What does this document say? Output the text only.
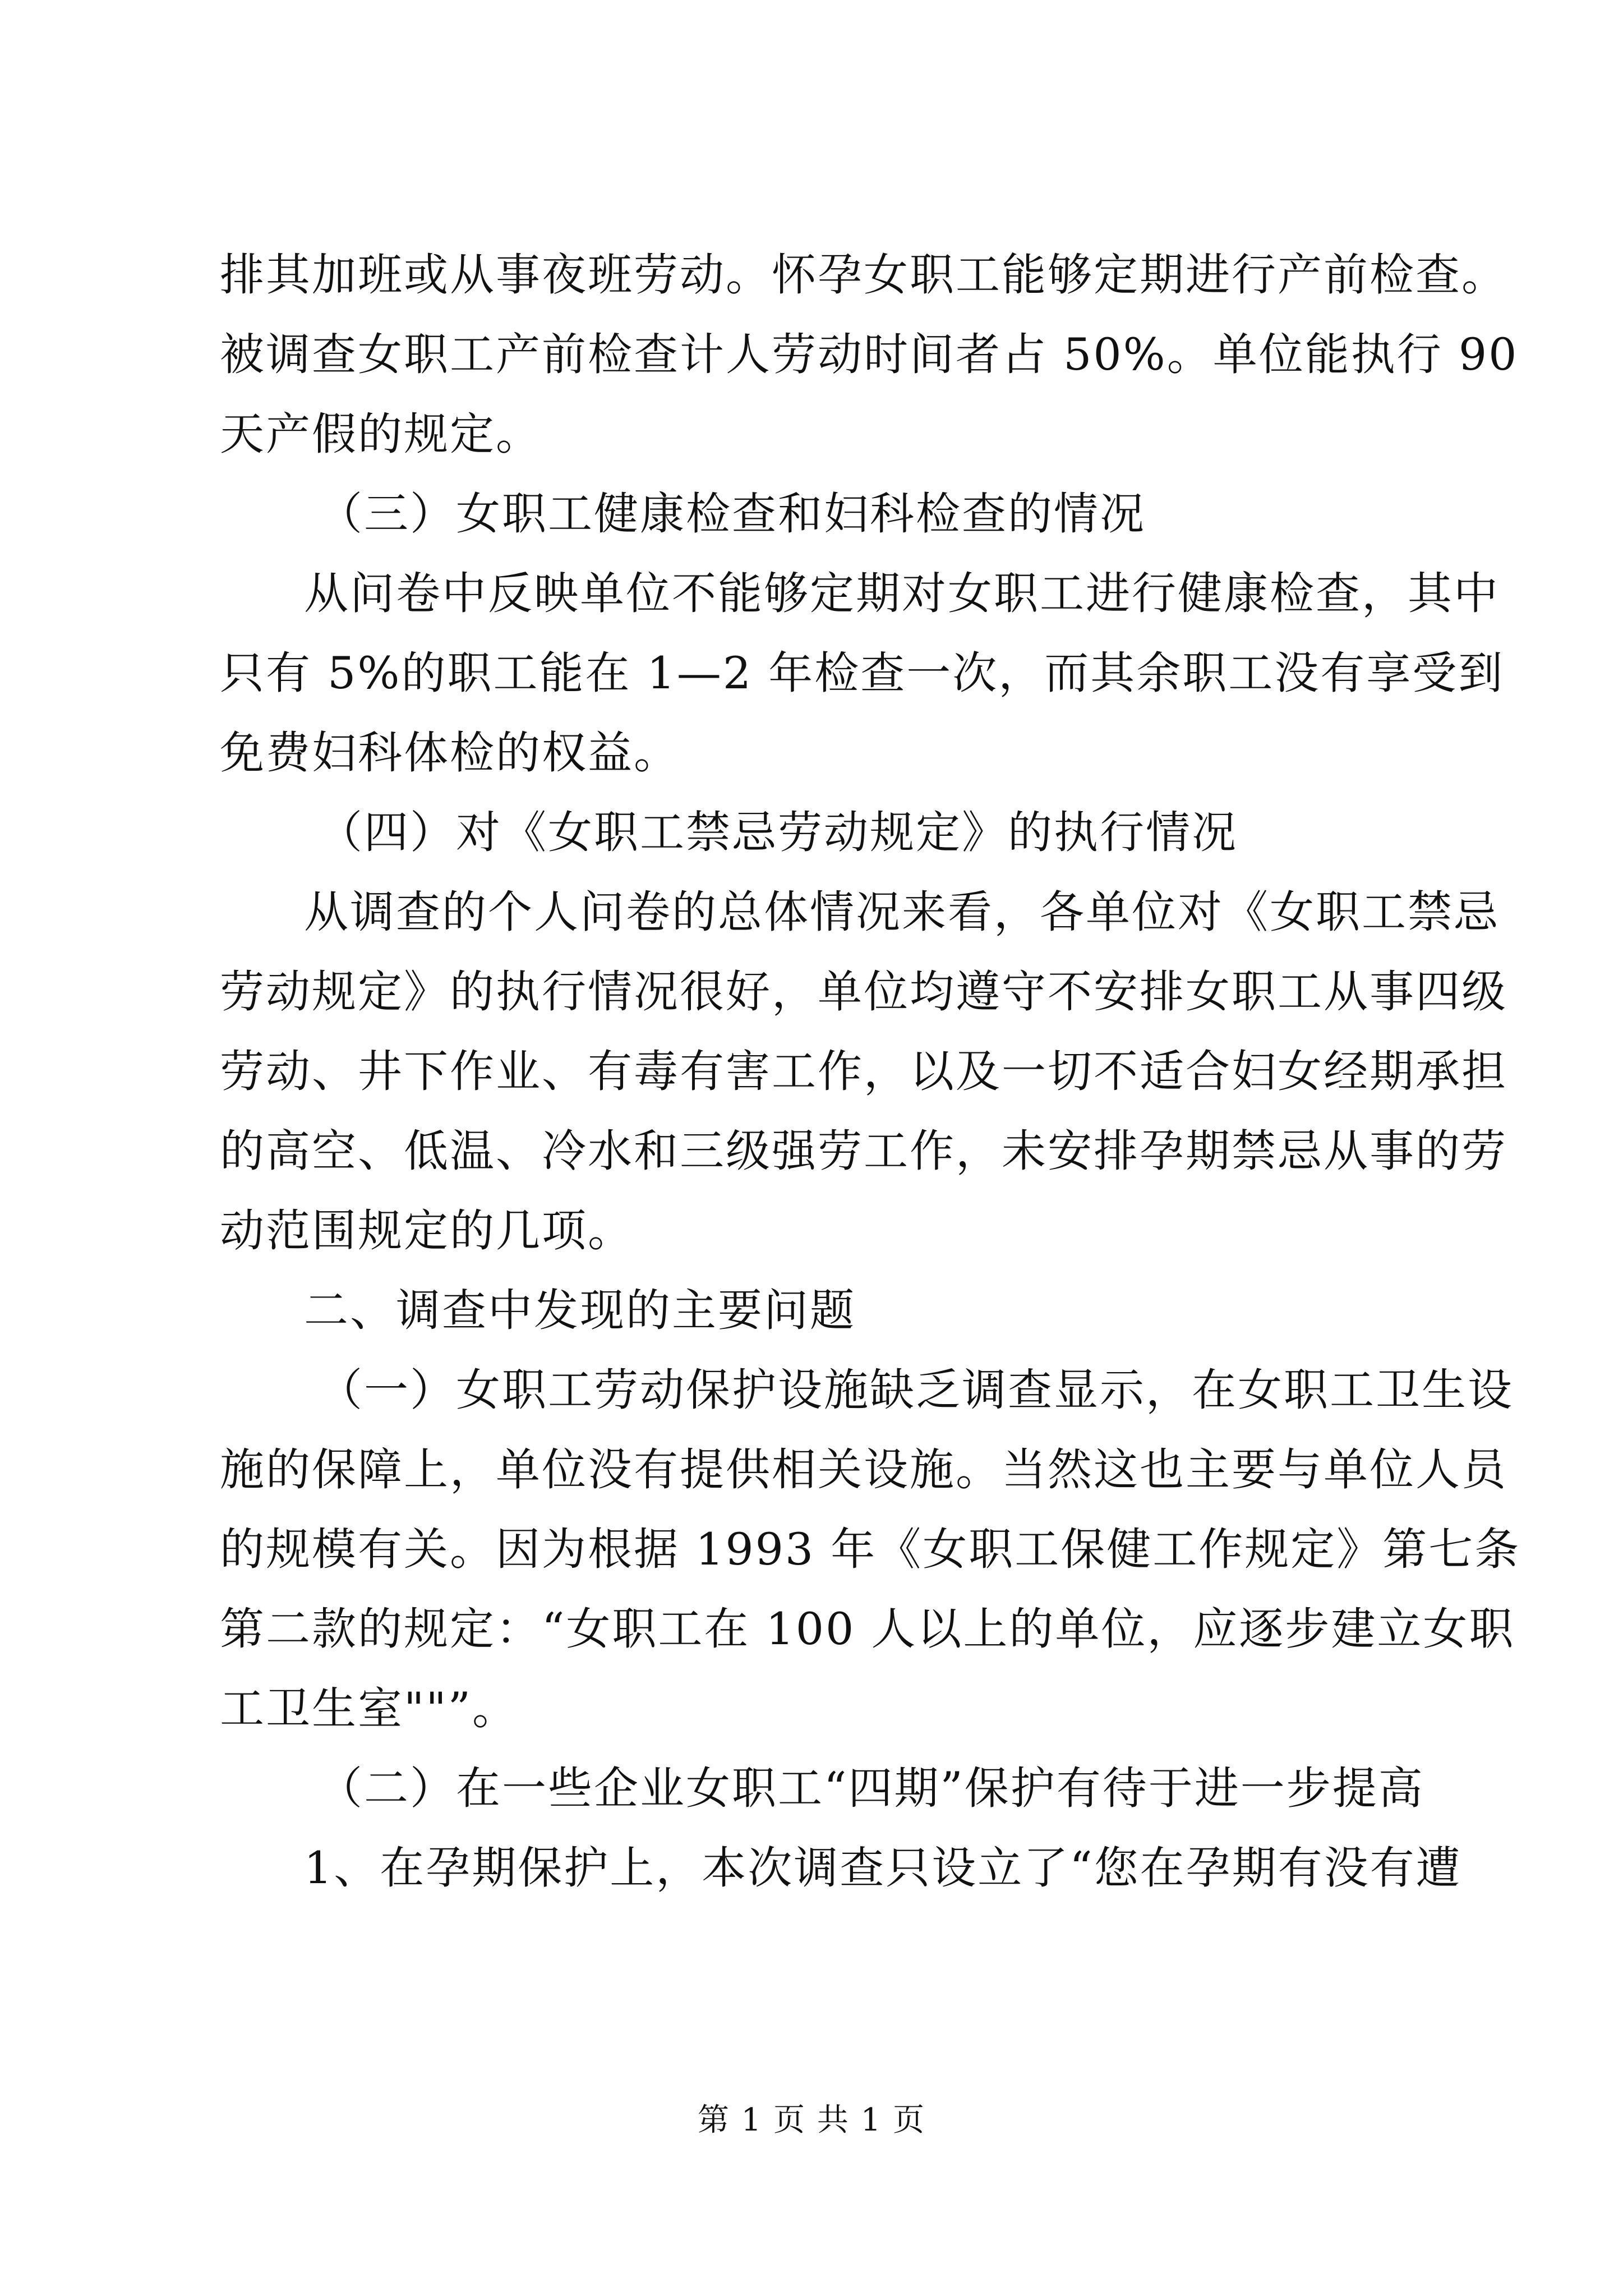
排其加班或从事夜班劳动。怀孕女职工能够定期进行产前检查。
被调查女职工产前检查计人劳动时间者占 50%。单位能执行 90
天产假的规定。
（三）女职工健康检查和妇科检查的情况
从问卷中反映单位不能够定期对女职工进行健康检查，其中
只有 5%的职工能在 1—2 年检查一次，而其余职工没有享受到
免费妇科体检的权益。
（四）对《女职工禁忌劳动规定》的执行情况
从调查的个人问卷的总体情况来看，各单位对《女职工禁忌
劳动规定》的执行情况很好，单位均遵守不安排女职工从事四级
劳动、井下作业、有毒有害工作，以及一切不适合妇女经期承担
的高空、低温、冷水和三级强劳工作，未安排孕期禁忌从事的劳
动范围规定的几项。
二、调查中发现的主要问题
（一）女职工劳动保护设施缺乏调查显示，在女职工卫生设
施的保障上，单位没有提供相关设施。当然这也主要与单位人员
的规模有关。因为根据 1993 年《女职工保健工作规定》第七条
第二款的规定：“女职工在 100 人以上的单位，应逐步建立女职
工卫生室""”。
（二）在一些企业女职工“四期”保护有待于进一步提高
1、在孕期保护上，本次调查只设立了“您在孕期有没有遭
第 1 页 共 1 页
